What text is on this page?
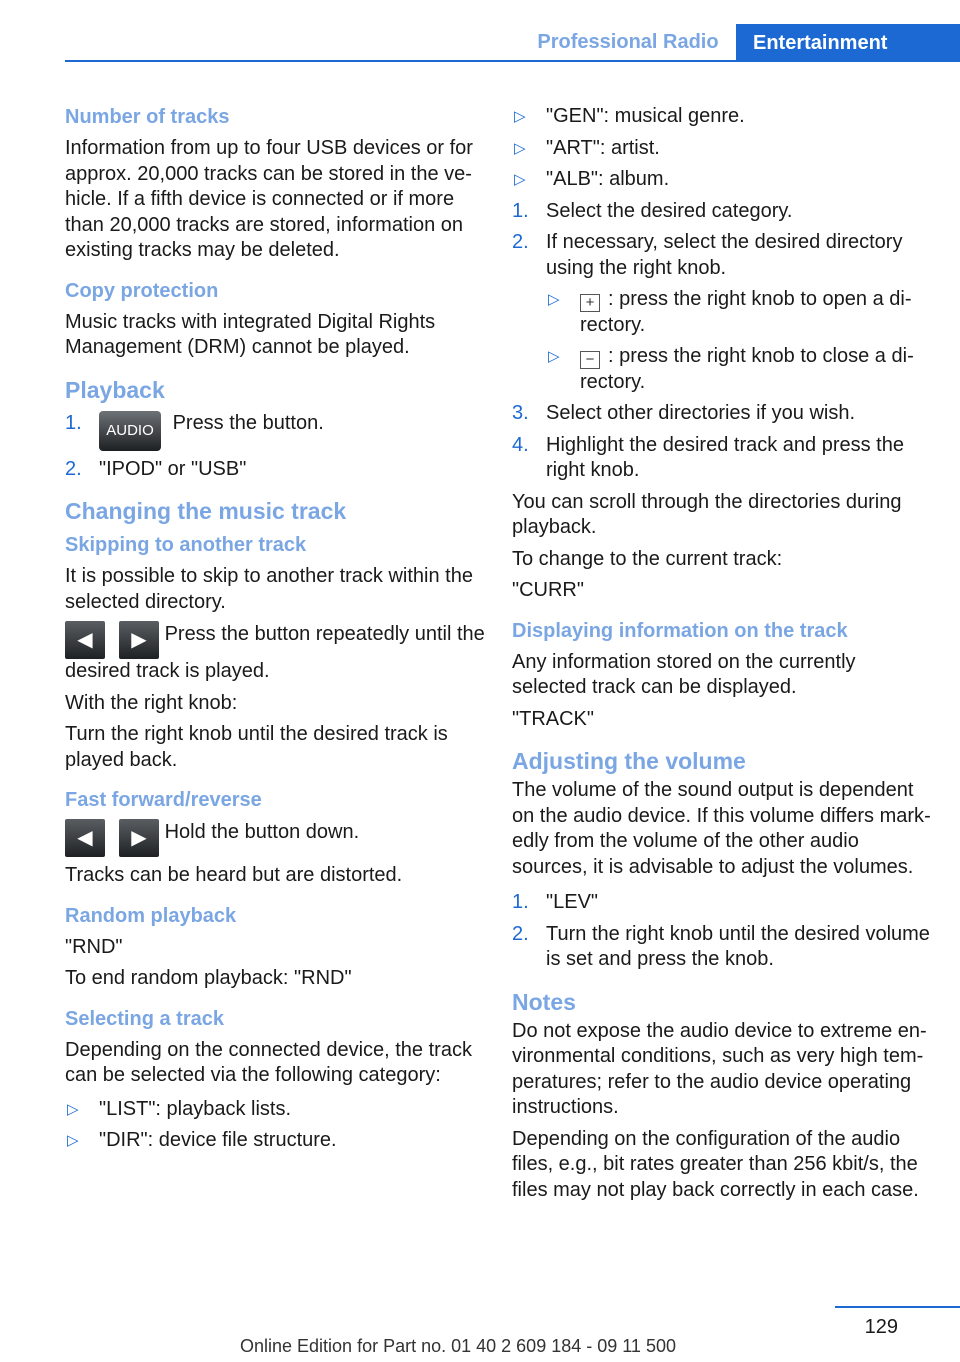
Professional Radio	Entertainment
Number of tracks

Information from up to four USB devices or for approx. 20,000 tracks can be stored in the vehicle. If a fifth device is connected or if more than 20,000 tracks are stored, information on existing tracks may be deleted.

Copy protection

Music tracks with integrated Digital Rights Management (DRM) cannot be played.

Playback
1.	AUDIO Press the button.
2. "IPOD" or "USB"
Changing the music track
Skipping to another track

It is possible to skip to another track within the selected directory.

◀ ▶ Press the button repeatedly until the desired track is played.

With the right knob:

Turn the right knob until the desired track is played back.

Fast forward/reverse

◀ ▶ Hold the button down.

Tracks can be heard but are distorted.

Random playback

"RND"

To end random playback: "RND"

Selecting a track

Depending on the connected device, the track can be selected via the following category:

▷	"LIST": playback lists.
▷	"DIR": device file structure.
▷	"GEN": musical genre.
▷	"ART": artist.
▷	"ALB": album.
1. Select the desired category.
2. If necessary, select the desired directory using the right knob.
▷	+ : press the right knob to open a directory.
▷	− : press the right knob to close a directory.
3. Select other directories if you wish.
4. Highlight the desired track and press the right knob.

You can scroll through the directories during playback.

To change to the current track:

"CURR"

Displaying information on the track

Any information stored on the currently selected track can be displayed.

"TRACK"

Adjusting the volume

The volume of the sound output is dependent on the audio device. If this volume differs markedly from the volume of the other audio sources, it is advisable to adjust the volumes.

1. "LEV"
2. Turn the right knob until the desired volume is set and press the knob.
Notes

Do not expose the audio device to extreme environmental conditions, such as very high temperatures; refer to the audio device operating instructions.

Depending on the configuration of the audio files, e.g., bit rates greater than 256 kbit/s, the files may not play back correctly in each case.

129
Online Edition for Part no. 01 40 2 609 184 - 09 11 500
